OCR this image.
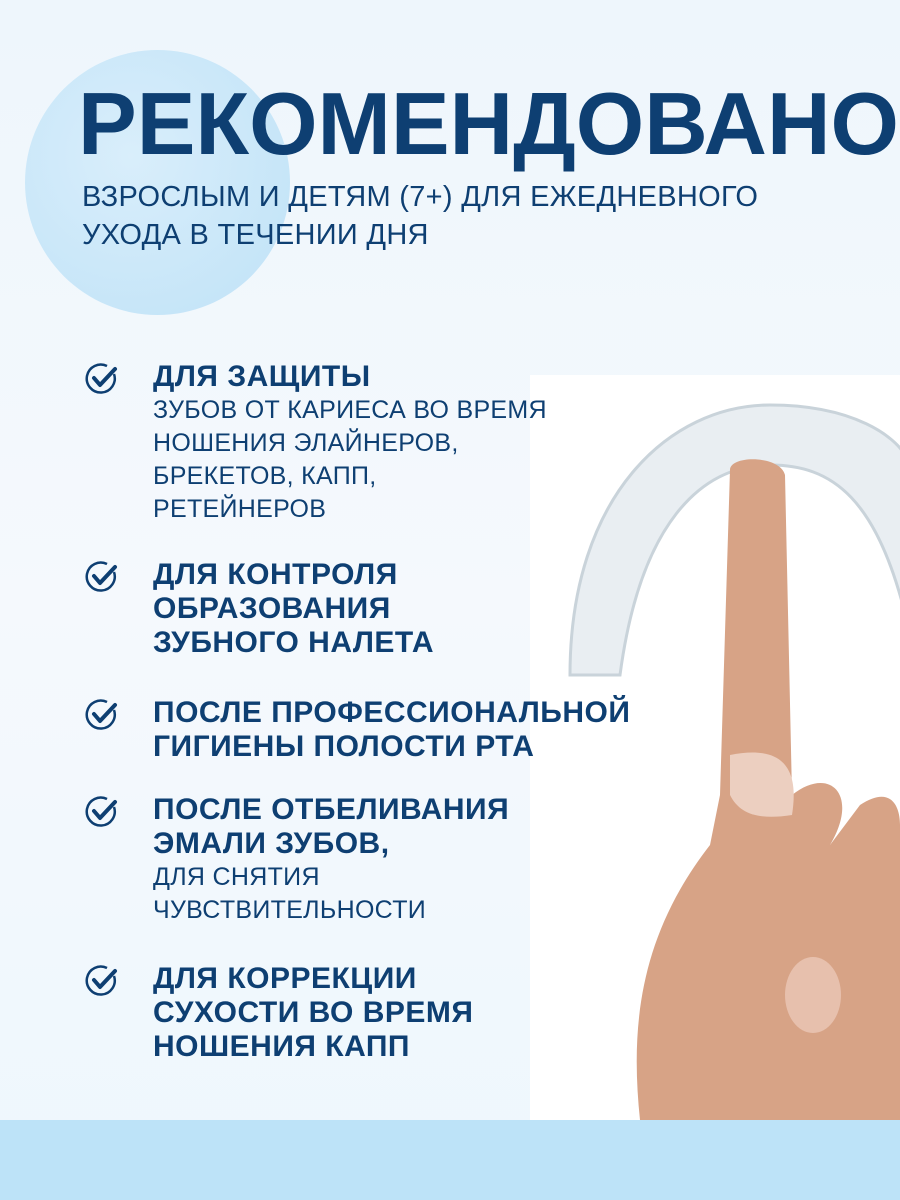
РЕКОМЕНДОВАНО
ВЗРОСЛЫМ И ДЕТЯМ (7+) ДЛЯ ЕЖЕДНЕВНОГО
УХОДА В ТЕЧЕНИИ ДНЯ
ДЛЯ ЗАЩИТЫ
ЗУБОВ ОТ КАРИЕСА ВО ВРЕМЯ
НОШЕНИЯ ЭЛАЙНЕРОВ,
БРЕКЕТОВ, КАПП,
РЕТЕЙНЕРОВ
ДЛЯ КОНТРОЛЯ
ОБРАЗОВАНИЯ
ЗУБНОГО НАЛЕТА
ПОСЛЕ ПРОФЕССИОНАЛЬНОЙ
ГИГИЕНЫ ПОЛОСТИ РТА
ПОСЛЕ ОТБЕЛИВАНИЯ
ЭМАЛИ ЗУБОВ,
ДЛЯ СНЯТИЯ
ЧУВСТВИТЕЛЬНОСТИ
ДЛЯ КОРРЕКЦИИ
СУХОСТИ ВО ВРЕМЯ
НОШЕНИЯ КАПП
